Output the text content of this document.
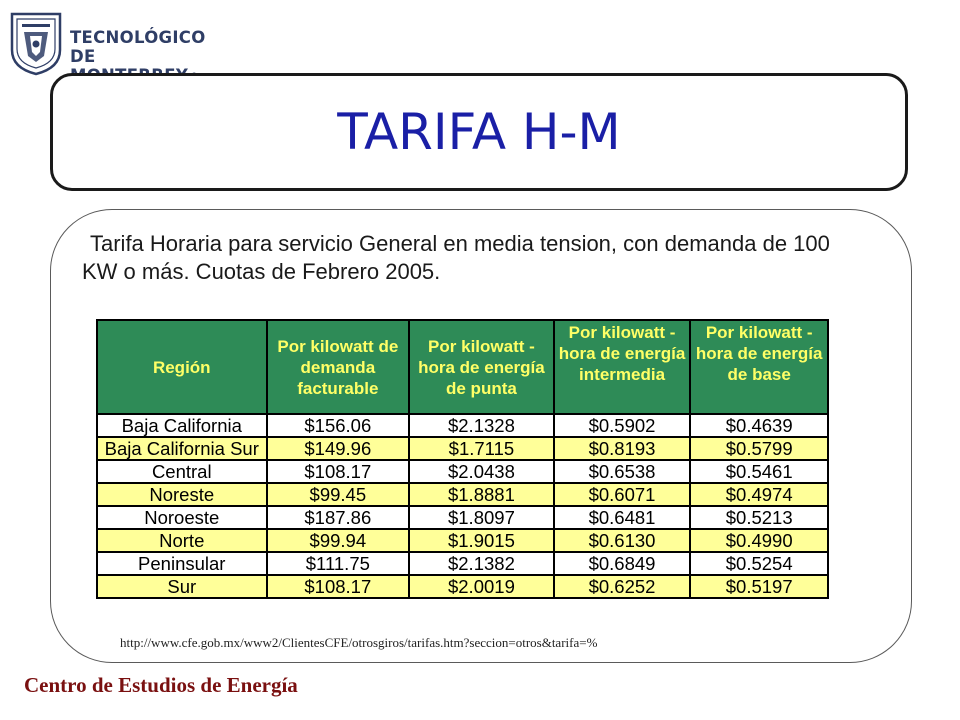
TECNOLÓGICO
DE
TARIFA H-M

Tarifa Horaria para servicio General en media tension, con demanda de 100 KW o más. Cuotas de Febrero 2005.

Región	Por kilowatt de demanda facturable	Por kilowatt - hora de energía de punta	Por kilowatt - hora de energía intermedia	Por kilowatt - hora de energía de base

Baja California	$156.06	$2.1328	$0.5902	$0.4639
Baja California Sur	$149.96	$1.7115	$0.8193	$0.5799
Central	$108.17	$2.0438	$0.6538	$0.5461
Noreste	$99.45	$1.8881	$0.6071	$0.4974
Noroeste	$187.86	$1.8097	$0.6481	$0.5213
Norte	$99.94	$1.9015	$0.6130	$0.4990
Peninsular	$111.75	$2.1382	$0.6849	$0.5254
Sur	$108.17	$2.0019	$0.6252	$0.5197
http://www.cfe.gob.mx/www2/ClientesCFE/otrosgiros/tarifas.htm?seccion=otros&tarifa=%
Centro de Estudios de Energía
